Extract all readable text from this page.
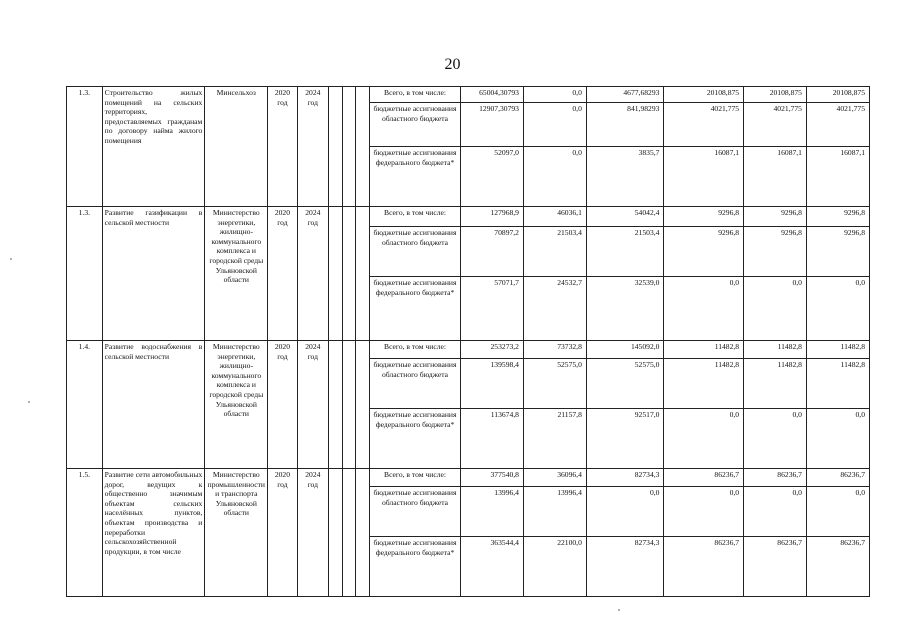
20
1.3.	Строительство жилых помещений на сельских территориях, предоставляемых гражданам по договору найма жилого помещения	Минсельхоз	2020 год	2024 год				Всего, в том числе:	65004,30793	0,0	4677,68293	20108,875	20108,875	20108,875
								бюджетные ассигнования областного бюджета	12907,30793	0,0	841,98293	4021,775	4021,775	4021,775
								бюджетные ассигнования федерального бюджета*	52097,0	0,0	3835,7	16087,1	16087,1	16087,1
1.3.	Развитие газификации в сельской местности	Министерство энергетики, жилищно-коммунального комплекса и городской среды Ульяновской области	2020 год	2024 год				Всего, в том числе:	127968,9	46036,1	54042,4	9296,8	9296,8	9296,8
								бюджетные ассигнования областного бюджета	70897,2	21503,4	21503,4	9296,8	9296,8	9296,8
								бюджетные ассигнования федерального бюджета*	57071,7	24532,7	32539,0	0,0	0,0	0,0
1.4.	Развитие водоснабжения в сельской местности	Министерство энергетики, жилищно-коммунального комплекса и городской среды Ульяновской области	2020 год	2024 год				Всего, в том числе:	253273,2	73732,8	145092,0	11482,8	11482,8	11482,8
								бюджетные ассигнования областного бюджета	139598,4	52575,0	52575,0	11482,8	11482,8	11482,8
								бюджетные ассигнования федерального бюджета*	113674,8	21157,8	92517,0	0,0	0,0	0,0
1.5.	Развитие сети автомобильных дорог, ведущих к общественно значимым объектам сельских населённых пунктов, объектам производства и переработки сельскохозяйственной продукции, в том числе	Министерство промышленности и транспорта Ульяновской области	2020 год	2024 год				Всего, в том числе:	377540,8	36096,4	82734,3	86236,7	86236,7	86236,7
								бюджетные ассигнования областного бюджета	13996,4	13996,4	0,0	0,0	0,0	0,0
								бюджетные ассигнования федерального бюджета*	363544,4	22100,0	82734,3	86236,7	86236,7	86236,7
